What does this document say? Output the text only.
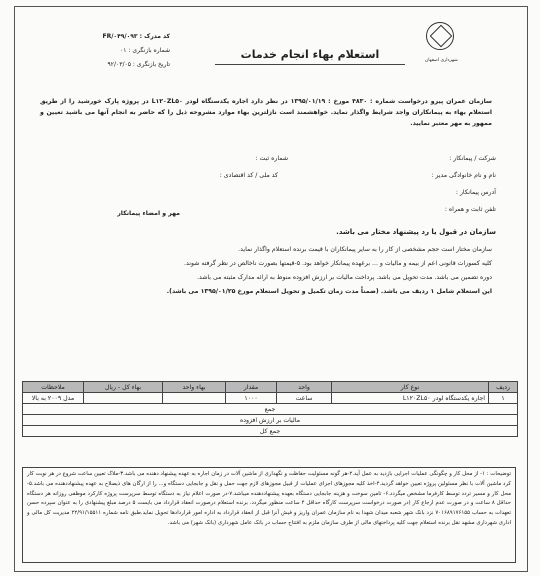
شهرداری اصفهان
استعلام بهاء انجام خدمات
کد مدرک : FR/۰۴۹/۰۹۳
شماره بازنگری : ۰۱
تاریخ بازنگری : ۹۲/۰۳/۰۵
سازمان عمران پیرو درخواست شماره : ۴۸۳۰ مورخ : ۱۳۹۵/۰۱/۱۹ در نظر دارد اجاره یکدستگاه لودر L۱۲۰ZL۵۰ در پروژه پارک خورشید را از طریق استعلام بهاء به پیمانکاران واجد شرایط واگذار نماید. خواهشمند است نازلترین بهاء موارد مشروحه ذیل را که حاضر به انجام آنها می باشید تعیین و ممهور به مهر معتبر نمایید.
شرکت / پیمانکار :
شماره ثبت :
نام و نام خانوادگی مدیر :
کد ملی / کد اقتصادی :
آدرس پیمانکار :
تلفن ثابت و همراه :
مهر و امضاء پیمانکار
سازمان در قبول یا رد پیشنهاد مختار می باشد.
سازمان مختار است حجم مشخصی از کار را به سایر پیمانکاران با قیمت برنده استعلام واگذار نماید.
کلیه کسورات قانونی اعم از بیمه و مالیات و ... برعهده پیمانکار خواهد بود. ۵-قیمتها بصورت ناخالص در نظر گرفته شوند.
دوره تضمین می باشد. مدت تحویل می باشد. پرداخت مالیات بر ارزش افزوده منوط به ارائه مدارک مثبته می باشد.
این استعلام شامل ۱ ردیف می باشد. (ضمناً مدت زمان تکمیل و تحویل استعلام مورخ ۱۳۹۵/۰۱/۲۵ می باشد).
ردیف	نوع کار	واحد	مقدار	بهاء واحد	بهاء کل - ریال	ملاحظات
۱	اجاره یکدستگاه لودر L۱۲۰ZL۵۰	ساعت	۱۰۰۰			مدل ۲۰۰۹ به بالا
جمع						
مالیات بر ارزش افزوده						
جمع کل						
توضیحات : ۱- از محل کار و چگونگی عملیات اجرایی بازدید به عمل آید.۲-هر گونه مسئولیت حفاظت و نگهداری از ماشین آلات در زمان اجاره به عهده پیشنهاد دهنده می باشد.۳-ملاک تعیین ساعت شروع در هر نوبت کار کرد ماشین آلات با نظر مسئولین پروژه تعیین خواهد گردید.۴-اخذ کلیه مجوزهای اجرای عملیات از قبیل مجوزهای لازم جهت حمل و نقل و جابجایی دستگاه و... را از ارگان های ذیصلاح به عهده پیشنهاددهنده می باشد.۵-محل کار و مسیر تردد توسط کارفرما مشخص میگردد.۶- تامین سوخت و هزینه جابجایی دستگاه بعهده پیشنهاددهنده میباشد.۷-در صورت اعلام نیاز به دستگاه توسط سرپرست پروژه کارکرد موظفی روزانه هر دستگاه حداقل ۸ ساعت و در صورت عدم ارجاع کار (در صورت درخواست سرپرست کارگاه حداقل ۴ ساعت منظور میگردد. برنده استعلام درصورت انعقاد قرارداد می بایست ۵ درصد مبلغ پیشنهادی را به عنوان سپرده حسن تعهدات به حساب ۷۰۱۶۸۹۱۷۶۱۵۵ نزد بانک شهر شعبه میدان شهدا به نام سازمان عمران واریز و فیش آنرا قبل از انعقاد قرارداد به اداره امور قراردادها تحویل نماید.طبق نامه شماره ۲۲/۹۱/۱۵۵۱۱ مدیریت کل مالی و اداری شهرداری مشهد نقل برنده استعلام جهت کلیه پرداختهای مالی از طرف سازمان ملزم به افتتاح حساب در بانک عامل شهرداری (بانک شهر) می باشد.
